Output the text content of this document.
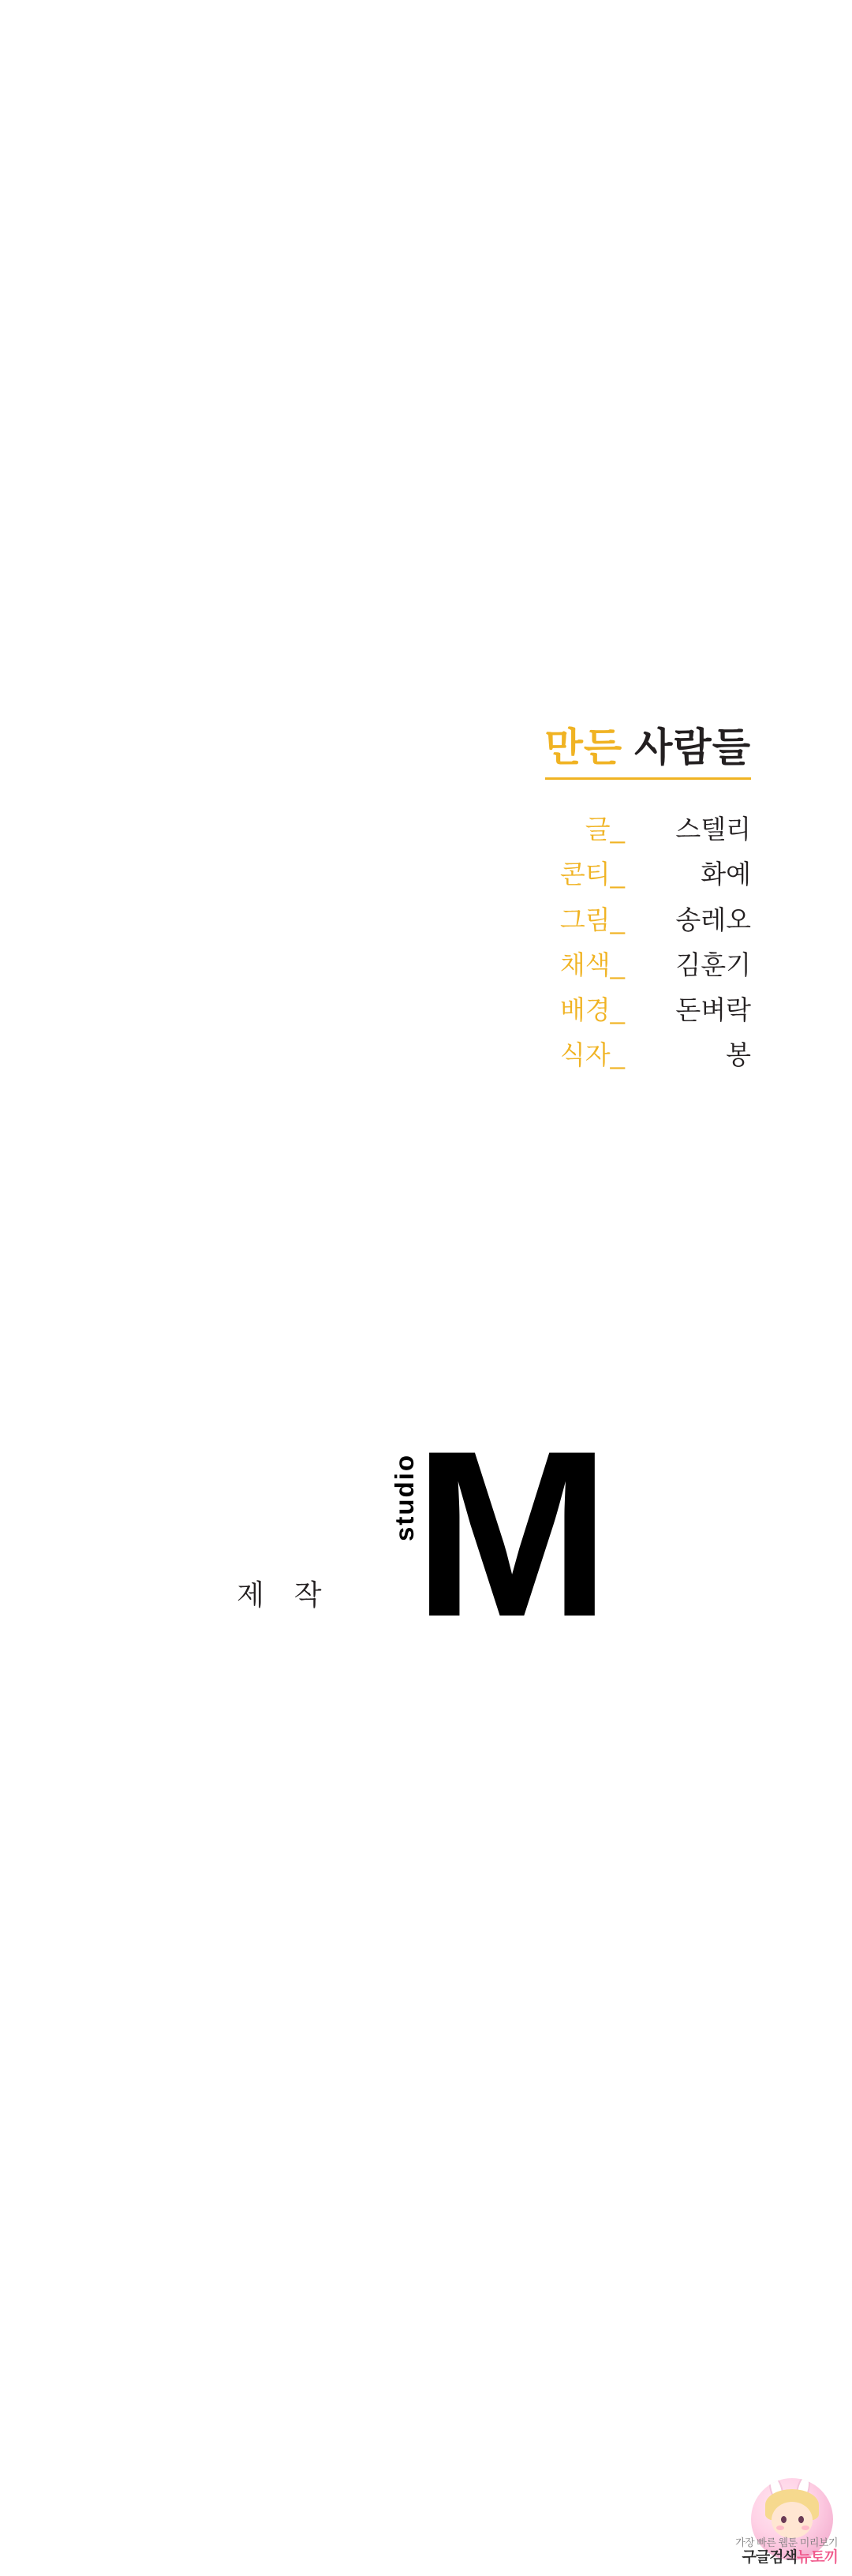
만든 사람들
글_	스텔리
콘티_	화예
그림_	송레오
채색_	김훈기
배경_	돈벼락
식자_	봉
제 작
studio
M
가장 빠른 웹툰 미리보기
구글검색뉴토끼
